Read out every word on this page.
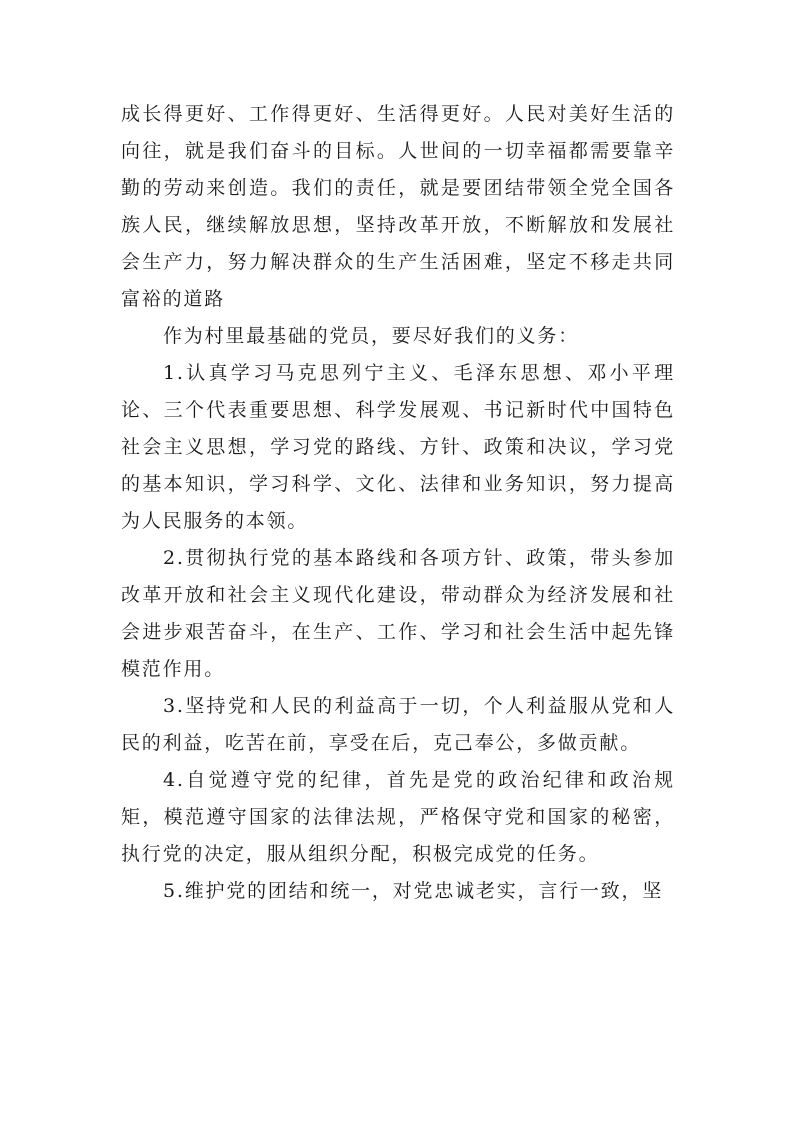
成长得更好、工作得更好、生活得更好。人民对美好生活的向往，就是我们奋斗的目标。人世间的一切幸福都需要靠辛勤的劳动来创造。我们的责任，就是要团结带领全党全国各族人民，继续解放思想，坚持改革开放，不断解放和发展社会生产力，努力解决群众的生产生活困难，坚定不移走共同富裕的道路

作为村里最基础的党员，要尽好我们的义务：

1.认真学习马克思列宁主义、毛泽东思想、邓小平理论、三个代表重要思想、科学发展观、书记新时代中国特色社会主义思想，学习党的路线、方针、政策和决议，学习党的基本知识，学习科学、文化、法律和业务知识，努力提高为人民服务的本领。

2.贯彻执行党的基本路线和各项方针、政策，带头参加改革开放和社会主义现代化建设，带动群众为经济发展和社会进步艰苦奋斗，在生产、工作、学习和社会生活中起先锋模范作用。

3.坚持党和人民的利益高于一切，个人利益服从党和人民的利益，吃苦在前，享受在后，克己奉公，多做贡献。

4.自觉遵守党的纪律，首先是党的政治纪律和政治规矩，模范遵守国家的法律法规，严格保守党和国家的秘密，执行党的决定，服从组织分配，积极完成党的任务。

5.维护党的团结和统一，对党忠诚老实，言行一致，坚
